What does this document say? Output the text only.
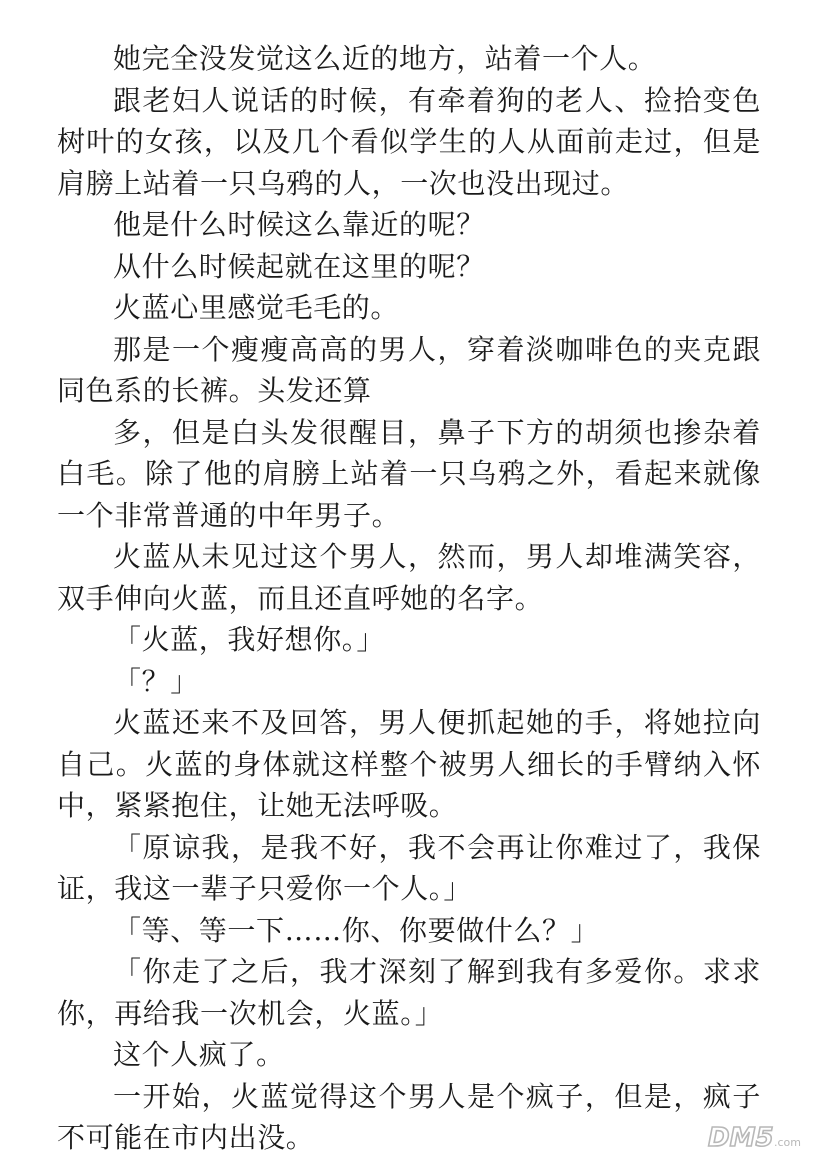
她完全没发觉这么近的地方，站着一个人。

跟老妇人说话的时候，有牵着狗的老人、捡拾变色树叶的女孩，以及几个看似学生的人从面前走过，但是肩膀上站着一只乌鸦的人，一次也没出现过。

他是什么时候这么靠近的呢？

从什么时候起就在这里的呢？

火蓝心里感觉毛毛的。

那是一个瘦瘦高高的男人，穿着淡咖啡色的夹克跟同色系的长裤。头发还算

多，但是白头发很醒目，鼻子下方的胡须也掺杂着白毛。除了他的肩膀上站着一只乌鸦之外，看起来就像一个非常普通的中年男子。

火蓝从未见过这个男人，然而，男人却堆满笑容，双手伸向火蓝，而且还直呼她的名字。

「火蓝，我好想你。」

「？」

火蓝还来不及回答，男人便抓起她的手，将她拉向自己。火蓝的身体就这样整个被男人细长的手臂纳入怀中，紧紧抱住，让她无法呼吸。

「原谅我，是我不好，我不会再让你难过了，我保证，我这一辈子只爱你一个人。」

「等、等一下……你、你要做什么？」

「你走了之后，我才深刻了解到我有多爱你。求求你，再给我一次机会，火蓝。」

这个人疯了。

一开始，火蓝觉得这个男人是个疯子，但是，疯子不可能在市内出没。	DM5 .com
